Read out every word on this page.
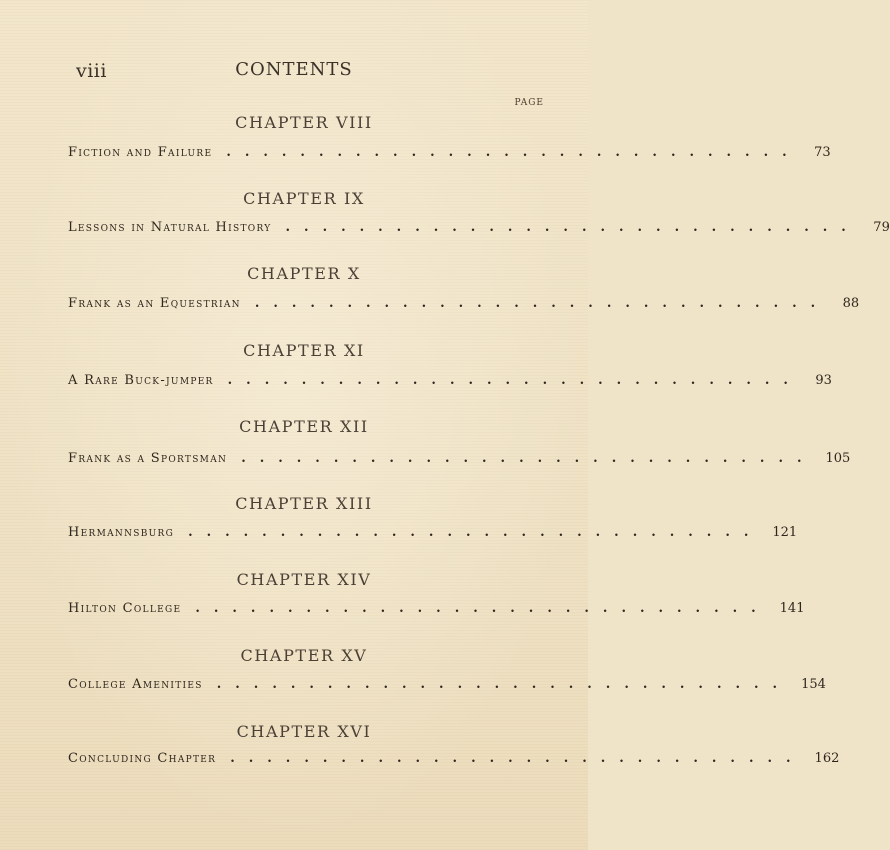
viii	CONTENTS
PAGE
CHAPTER VIII
Fiction and Failure ............................... 73
CHAPTER IX
Lessons in Natural History ............................... 79
CHAPTER X
Frank as an Equestrian ............................... 88
CHAPTER XI
A Rare Buck-jumper ............................... 93
CHAPTER XII
Frank as a Sportsman ............................... 105
CHAPTER XIII
Hermannsburg ............................... 121
CHAPTER XIV
Hilton College ............................... 141
CHAPTER XV
College Amenities ............................... 154
CHAPTER XVI
Concluding Chapter ............................... 162
